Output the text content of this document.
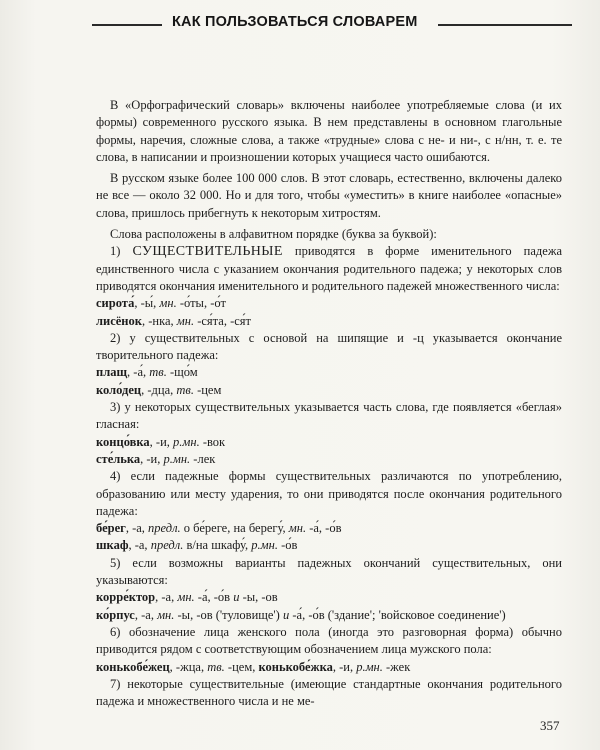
КАК ПОЛЬЗОВАТЬСЯ СЛОВАРЕМ

В «Орфографический словарь» включены наиболее употребляемые слова (и их формы) современного русского языка. В нем представлены в основном глагольные формы, наречия, сложные слова, а также «трудные» слова с не- и ни-, с н/нн, т. е. те слова, в написании и произношении которых учащиеся часто ошибаются.

В русском языке более 100 000 слов. В этот словарь, естественно, включены далеко не все — около 32 000. Но и для того, чтобы «уместить» в книге наиболее «опасные» слова, пришлось прибегнуть к некоторым хитростям.

Слова расположены в алфавитном порядке (буква за буквой):

1) СУЩЕСТВИТЕЛЬНЫЕ приводятся в форме именительного падежа единственного числа с указанием окончания родительного падежа; у некоторых слов приводятся окончания именительного и родительного падежей множественного числа:

сирота́, -ы́, мн. -о́ты, -о́т

лисёнок, -нка, мн. -ся́та, -ся́т

2) у существительных с основой на шипящие и -ц указывается окончание творительного падежа:

плащ, -а́, тв. -що́м

коло́дец, -дца, тв. -цем

3) у некоторых существительных указывается часть слова, где появляется «беглая» гласная:

концо́вка, -и, р.мн. -вок

сте́лька, -и, р.мн. -лек

4) если падежные формы существительных различаются по употреблению, образованию или месту ударения, то они приводятся после окончания родительного падежа:

бе́рег, -а, предл. о бе́реге, на берегу́, мн. -а́, -о́в

шкаф, -а, предл. в/на шкафу́, р.мн. -о́в

5) если возможны варианты падежных окончаний существительных, они указываются:

корре́ктор, -а, мн. -а́, -о́в и -ы, -ов

ко́рпус, -а, мн. -ы, -ов ('туловище') и -а́, -о́в ('здание'; 'войсковое соединение')

6) обозначение лица женского пола (иногда это разговорная форма) обычно приводится рядом с соответствующим обозначением лица мужского пола:

конькобе́жец, -жца, тв. -цем, конькобе́жка, -и, р.мн. -жек

7) некоторые существительные (имеющие стандартные окончания родительного падежа и множественного числа и не ме-

357
